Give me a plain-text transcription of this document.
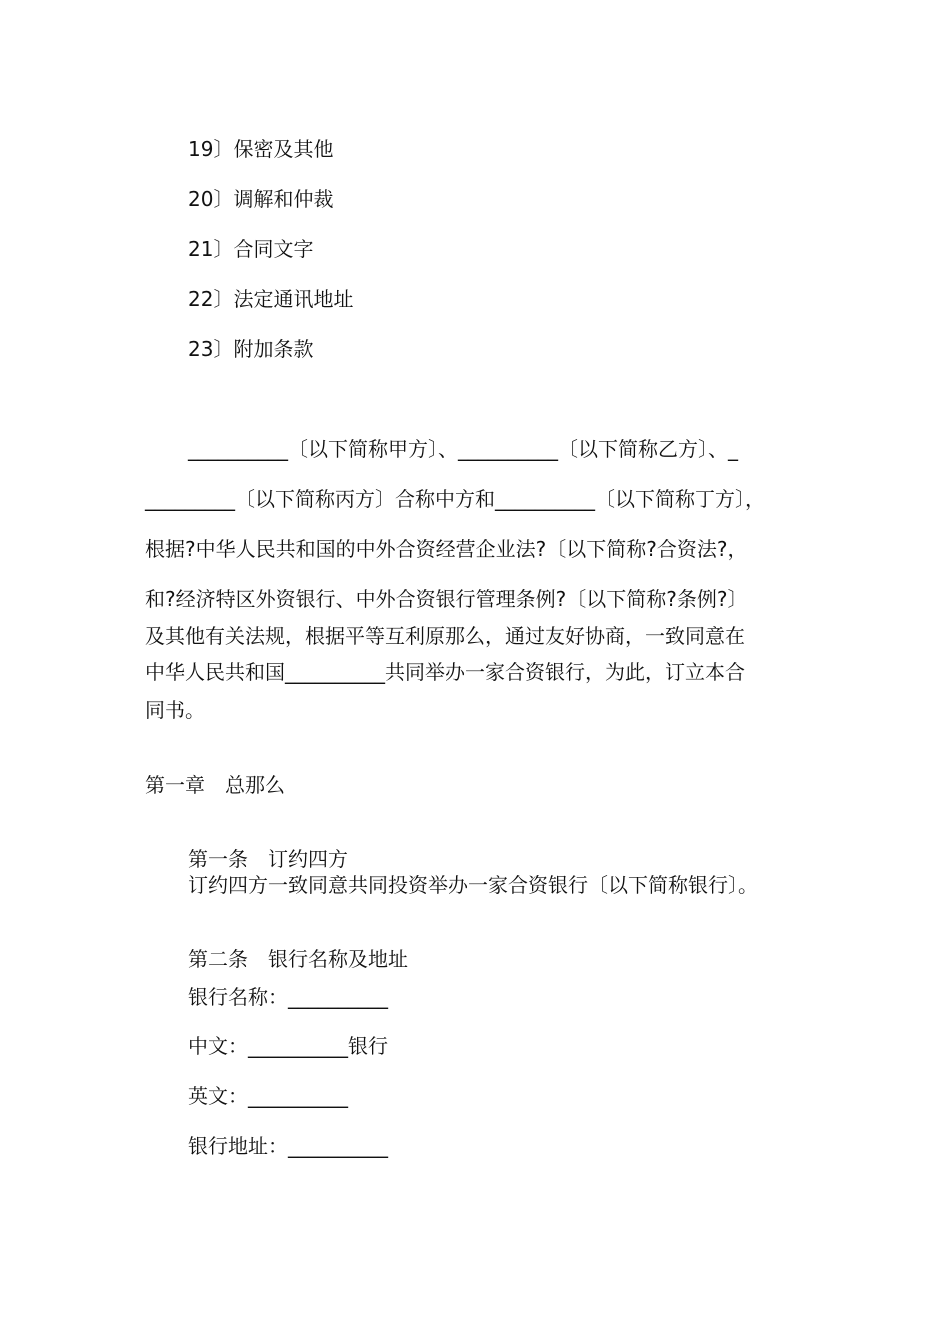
19〕保密及其他
20〕调解和仲裁
21〕合同文字
22〕法定通讯地址
23〕附加条款
__________〔以下简称甲方〕、__________〔以下简称乙方〕、_
_________〔以下简称丙方〕合称中方和__________〔以下简称丁方〕，
根据?中华人民共和国的中外合资经营企业法?〔以下简称?合资法?，
和?经济特区外资银行、中外合资银行管理条例?〔以下简称?条例?〕
及其他有关法规，根据平等互利原那么，通过友好协商，一致同意在
中华人民共和国__________共同举办一家合资银行，为此，订立本合
同书。
第一章　总那么
第一条　订约四方
订约四方一致同意共同投资举办一家合资银行〔以下简称银行〕。
第二条　银行名称及地址
银行名称：__________
中文：__________银行
英文：__________
银行地址：__________
